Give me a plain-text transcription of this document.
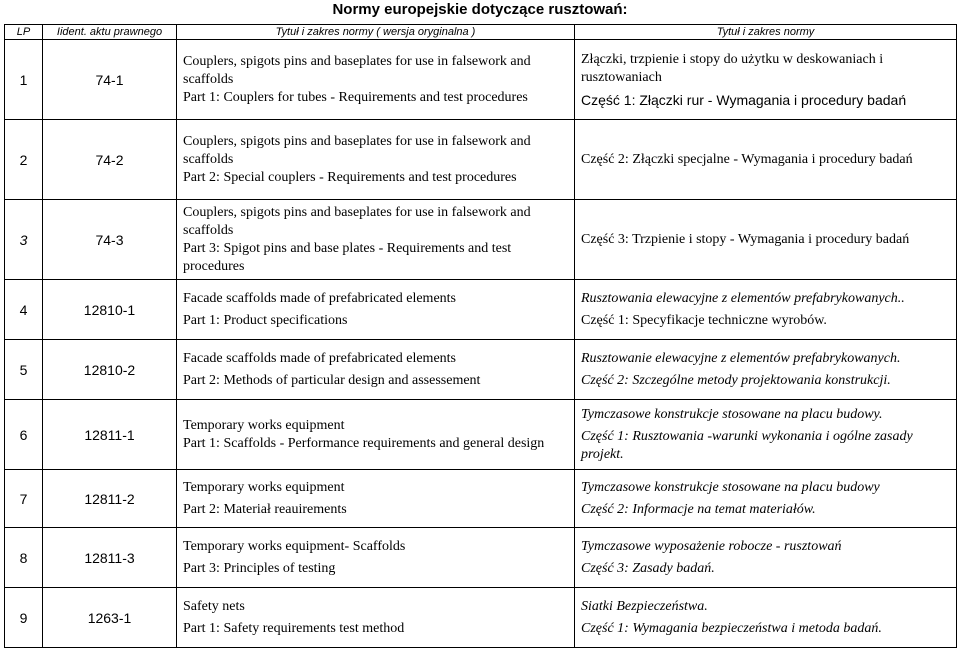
Normy europejskie dotyczące rusztowań:
LP	Iident. aktu prawnego	Tytuł i zakres normy ( wersja oryginalna )	Tytuł i zakres normy
1	74-1	Couplers, spigots pins and baseplates for use in falsework and scaffolds
Part 1: Couplers for tubes - Requirements and test procedures	Złączki, trzpienie i stopy do użytku w deskowaniach i rusztowaniach
Część 1: Złączki rur - Wymagania i procedury badań

2	74-2	Couplers, spigots pins and baseplates for use in falsework and scaffolds
Part 2: Special couplers - Requirements and test procedures	Część 2: Złączki specjalne - Wymagania i procedury badań

3	74-3	Couplers, spigots pins and baseplates for use in falsework and scaffolds
Part 3: Spigot pins and base plates - Requirements and test procedures	Część 3: Trzpienie i stopy - Wymagania i procedury badań

4	12810-1	Facade scaffolds made of prefabricated elements
Part 1: Product specifications	Rusztowania elewacyjne z elementów prefabrykowanych..
Część 1: Specyfikacje techniczne wyrobów.

5	12810-2	Facade scaffolds made of prefabricated elements
Part 2: Methods of particular design and assessement	Rusztowanie elewacyjne z elementów prefabrykowanych.
Część 2: Szczególne metody projektowania konstrukcji.

6	12811-1	Temporary works equipment
Part 1: Scaffolds - Performance requirements and general design	Tymczasowe konstrukcje stosowane na placu budowy.
Część 1: Rusztowania -warunki wykonania i ogólne zasady projekt.

7	12811-2	Temporary works equipment
Part 2: Materiał reauirements	Tymczasowe konstrukcje stosowane na placu budowy
Część 2: Informacje na temat materiałów.

8	12811-3	Temporary works equipment- Scaffolds
Part 3: Principles of testing	Tymczasowe wyposażenie robocze - rusztowań
Część 3: Zasady badań.

9	1263-1	Safety nets
Part 1: Safety requirements test method	Siatki Bezpieczeństwa.
Część 1: Wymagania bezpieczeństwa i metoda badań.
